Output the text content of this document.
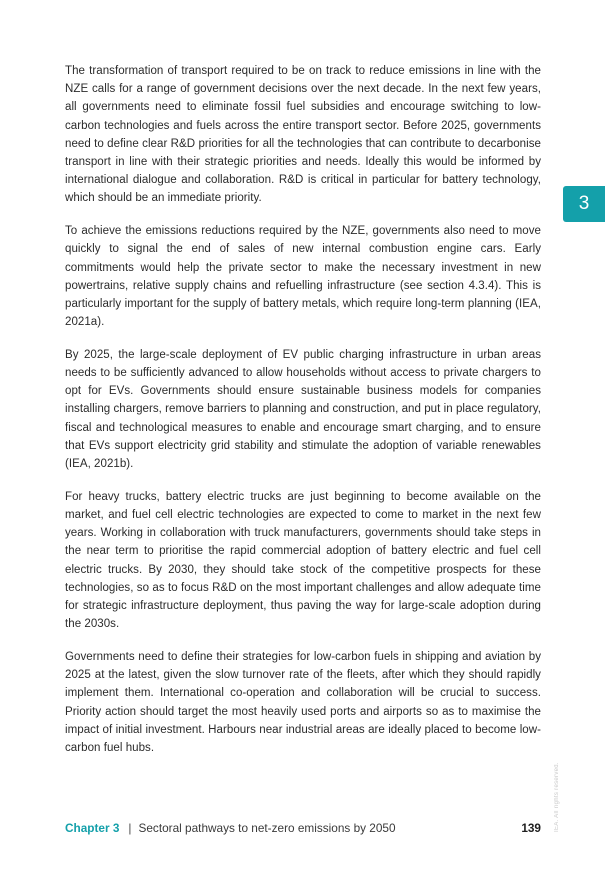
The transformation of transport required to be on track to reduce emissions in line with the NZE calls for a range of government decisions over the next decade. In the next few years, all governments need to eliminate fossil fuel subsidies and encourage switching to low-carbon technologies and fuels across the entire transport sector. Before 2025, governments need to define clear R&D priorities for all the technologies that can contribute to decarbonise transport in line with their strategic priorities and needs. Ideally this would be informed by international dialogue and collaboration. R&D is critical in particular for battery technology, which should be an immediate priority.

To achieve the emissions reductions required by the NZE, governments also need to move quickly to signal the end of sales of new internal combustion engine cars. Early commitments would help the private sector to make the necessary investment in new powertrains, relative supply chains and refuelling infrastructure (see section 4.3.4). This is particularly important for the supply of battery metals, which require long-term planning (IEA, 2021a).

By 2025, the large-scale deployment of EV public charging infrastructure in urban areas needs to be sufficiently advanced to allow households without access to private chargers to opt for EVs. Governments should ensure sustainable business models for companies installing chargers, remove barriers to planning and construction, and put in place regulatory, fiscal and technological measures to enable and encourage smart charging, and to ensure that EVs support electricity grid stability and stimulate the adoption of variable renewables (IEA, 2021b).

For heavy trucks, battery electric trucks are just beginning to become available on the market, and fuel cell electric technologies are expected to come to market in the next few years. Working in collaboration with truck manufacturers, governments should take steps in the near term to prioritise the rapid commercial adoption of battery electric and fuel cell electric trucks. By 2030, they should take stock of the competitive prospects for these technologies, so as to focus R&D on the most important challenges and allow adequate time for strategic infrastructure deployment, thus paving the way for large-scale adoption during the 2030s.

Governments need to define their strategies for low-carbon fuels in shipping and aviation by 2025 at the latest, given the slow turnover rate of the fleets, after which they should rapidly implement them. International co-operation and collaboration will be crucial to success. Priority action should target the most heavily used ports and airports so as to maximise the impact of initial investment. Harbours near industrial areas are ideally placed to become low-carbon fuel hubs.

3
IEA. All rights reserved.
Chapter 3 | Sectoral pathways to net-zero emissions by 2050	139
